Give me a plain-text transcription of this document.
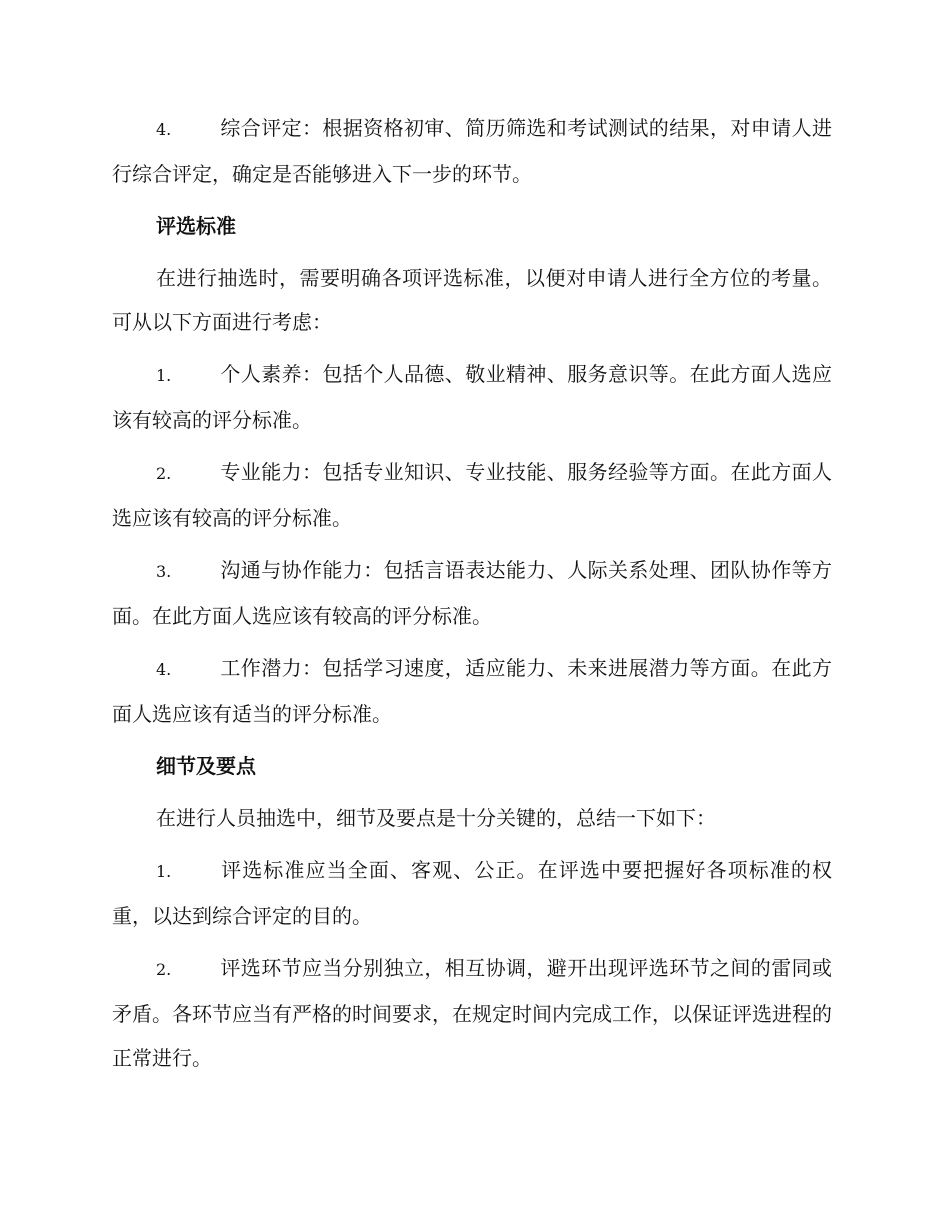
4. 综合评定：根据资格初审、简历筛选和考试测试的结果，对申请人进行综合评定，确定是否能够进入下一步的环节。

评选标准

在进行抽选时，需要明确各项评选标准，以便对申请人进行全方位的考量。可从以下方面进行考虑：

1. 个人素养：包括个人品德、敬业精神、服务意识等。在此方面人选应该有较高的评分标准。

2. 专业能力：包括专业知识、专业技能、服务经验等方面。在此方面人选应该有较高的评分标准。

3. 沟通与协作能力：包括言语表达能力、人际关系处理、团队协作等方面。在此方面人选应该有较高的评分标准。

4. 工作潜力：包括学习速度，适应能力、未来进展潜力等方面。在此方面人选应该有适当的评分标准。

细节及要点

在进行人员抽选中，细节及要点是十分关键的，总结一下如下：

1. 评选标准应当全面、客观、公正。在评选中要把握好各项标准的权重，以达到综合评定的目的。

2. 评选环节应当分别独立，相互协调，避开出现评选环节之间的雷同或矛盾。各环节应当有严格的时间要求，在规定时间内完成工作，以保证评选进程的正常进行。
